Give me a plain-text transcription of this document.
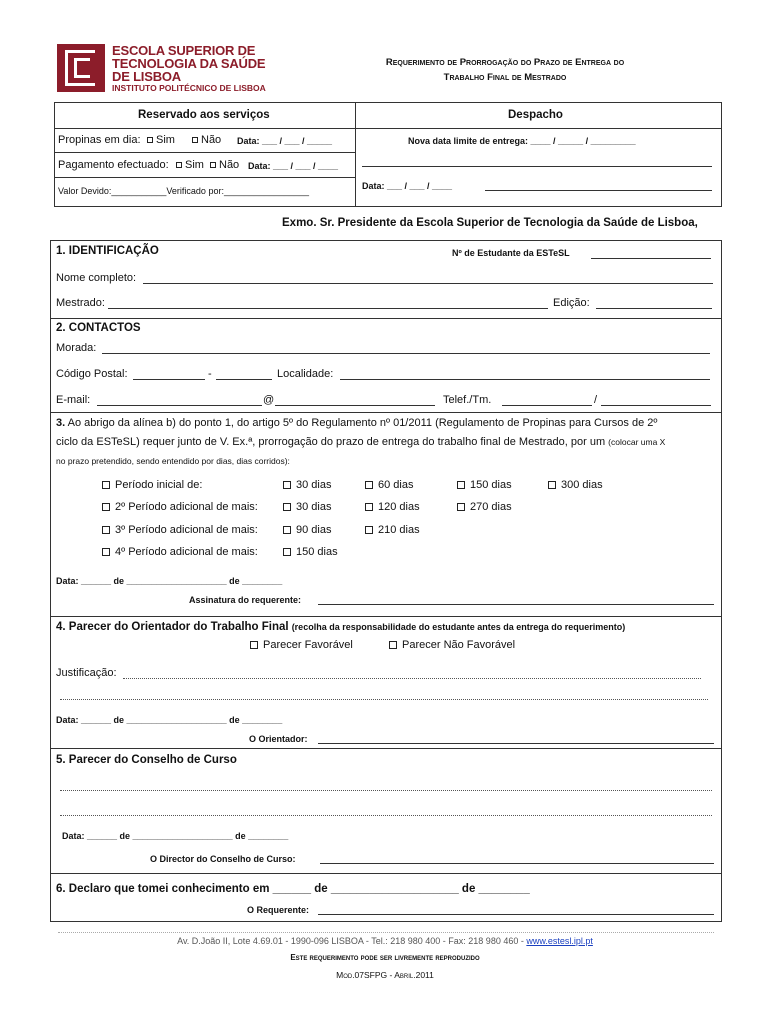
ESCOLA SUPERIOR DE
TECNOLOGIA DA SAÚDE
DE LISBOA
INSTITUTO POLITÉCNICO DE LISBOA
Requerimento de Prorrogação do Prazo de Entrega do
Trabalho Final de Mestrado
Reservado aos serviços	Despacho
Propinas em dia:	Sim	Não Data: ___ / ___ / _____
Pagamento efectuado:	Sim	Não Data: ___ / ___ / ____
Valor Devido:___________Verificado por:_________________
Nova data limite de entrega: ____ / _____ / _________
Data: ___ / ___ / ____
Exmo. Sr. Presidente da Escola Superior de Tecnologia da Saúde de Lisboa,
1. IDENTIFICAÇÃO	Nº de Estudante da ESTeSL
Nome completo:
Mestrado:	Edição:
2. CONTACTOS
Morada:
Código Postal:	-	Localidade:
E-mail:	@	Telef./Tm.	/
3. Ao abrigo da alínea b) do ponto 1, do artigo 5º do Regulamento nº 01/2011 (Regulamento de Propinas para Cursos de 2º
ciclo da ESTeSL) requer junto de V. Ex.ª, prorrogação do prazo de entrega do trabalho final de Mestrado, por um (colocar uma X
no prazo pretendido, sendo entendido por dias, dias corridos):
Período inicial de:	30 dias	60 dias	150 dias	300 dias
2º Período adicional de mais:	30 dias	120 dias	270 dias
3º Período adicional de mais:	90 dias	210 dias
4º Período adicional de mais:	150 dias
Data: ______ de ____________________ de ________
Assinatura do requerente:
4. Parecer do Orientador do Trabalho Final (recolha da responsabilidade do estudante antes da entrega do requerimento)
Parecer Favorável	Parecer Não Favorável
Justificação:
Data: ______ de ____________________ de ________
O Orientador:
5. Parecer do Conselho de Curso
Data: ______ de ____________________ de ________
O Director do Conselho de Curso:
6. Declaro que tomei conhecimento em ______ de ____________________ de ________
O Requerente:
Av. D.João II, Lote 4.69.01 - 1990-096 LISBOA - Tel.: 218 980 400 - Fax: 218 980 460 - www.estesl.ipl.pt
Este requerimento pode ser livremente reproduzido
Mod.07SFPG - Abril.2011
